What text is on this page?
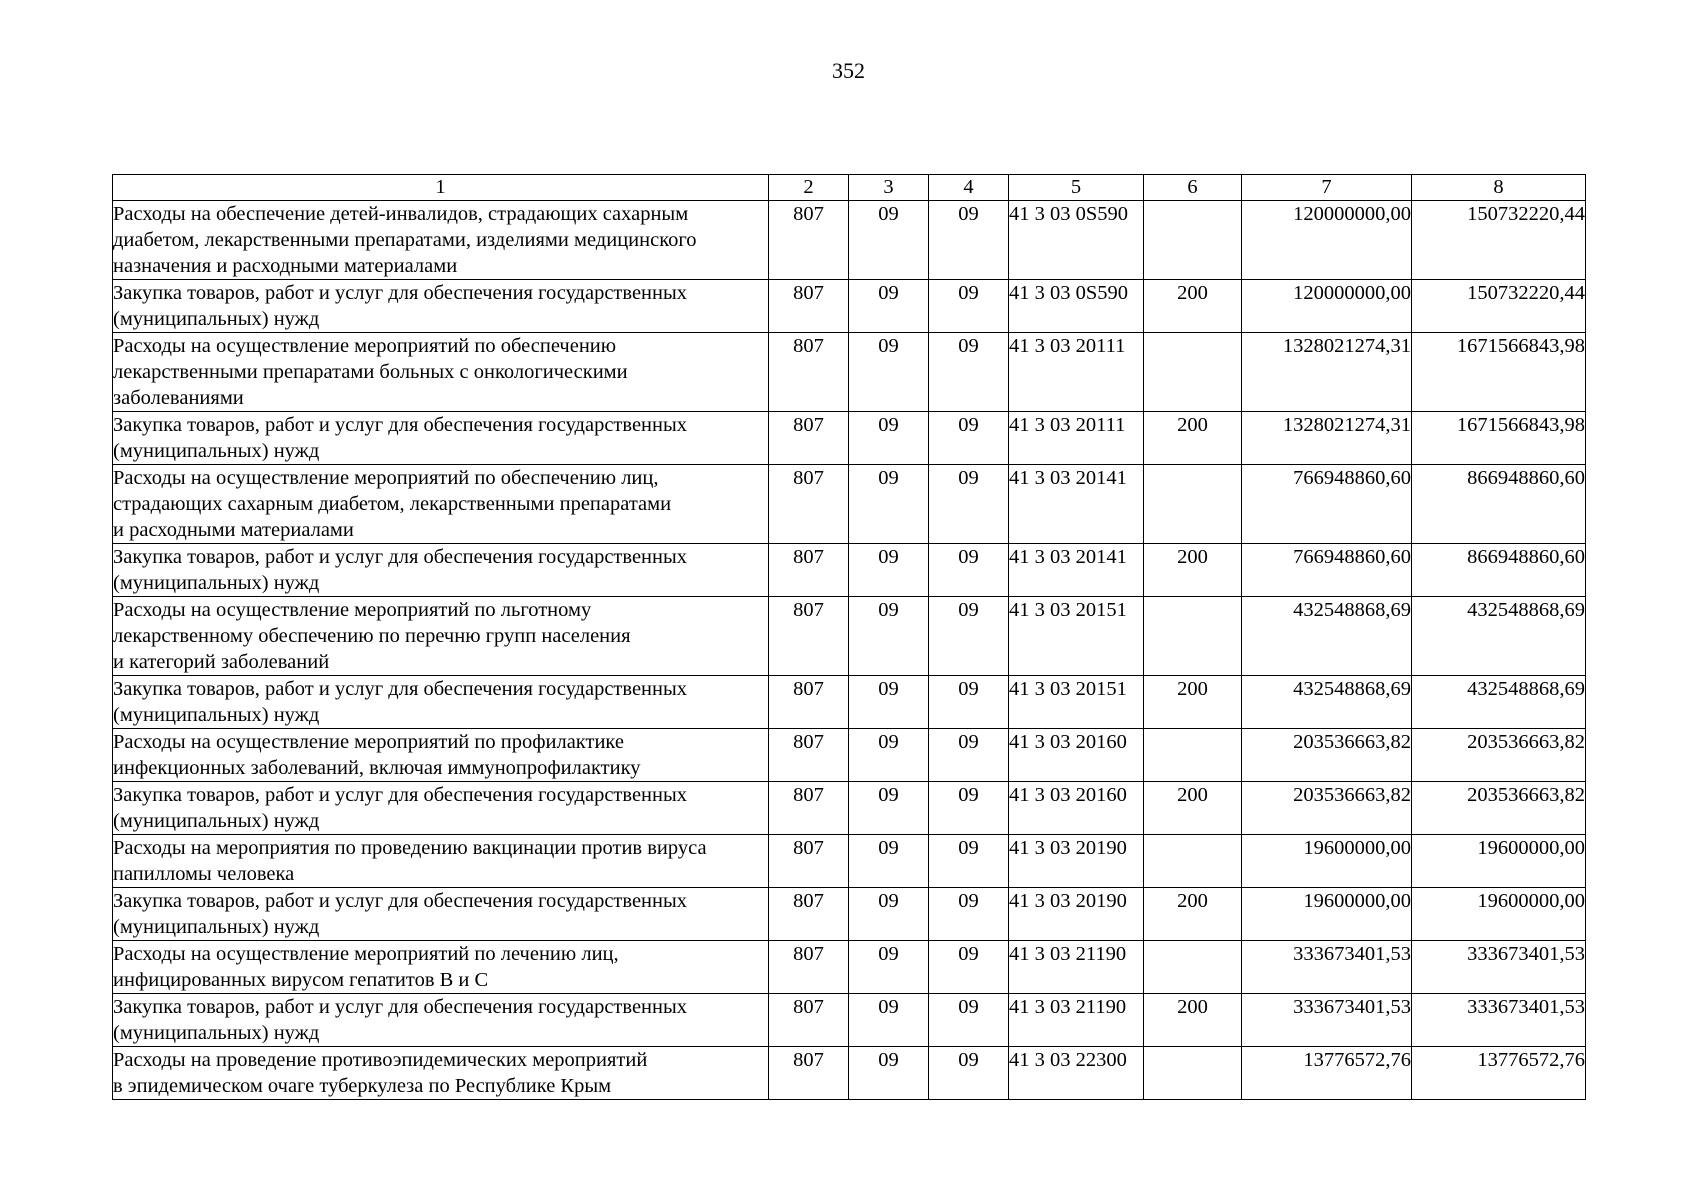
352
1	2	3	4	5	6	7	8
Расходы на обеспечение детей-инвалидов, страдающих сахарным
диабетом, лекарственными препаратами, изделиями медицинского
назначения и расходными материалами	807	09	09	41 3 03 0S590		120000000,00	150732220,44
Закупка товаров, работ и услуг для обеспечения государственных
(муниципальных) нужд	807	09	09	41 3 03 0S590	200	120000000,00	150732220,44
Расходы на осуществление мероприятий по обеспечению
лекарственными препаратами больных с онкологическими
заболеваниями	807	09	09	41 3 03 20111		1328021274,31	1671566843,98
Закупка товаров, работ и услуг для обеспечения государственных
(муниципальных) нужд	807	09	09	41 3 03 20111	200	1328021274,31	1671566843,98
Расходы на осуществление мероприятий по обеспечению лиц,
страдающих сахарным диабетом, лекарственными препаратами
и расходными материалами	807	09	09	41 3 03 20141		766948860,60	866948860,60
Закупка товаров, работ и услуг для обеспечения государственных
(муниципальных) нужд	807	09	09	41 3 03 20141	200	766948860,60	866948860,60
Расходы на осуществление мероприятий по льготному
лекарственному обеспечению по перечню групп населения
и категорий заболеваний	807	09	09	41 3 03 20151		432548868,69	432548868,69
Закупка товаров, работ и услуг для обеспечения государственных
(муниципальных) нужд	807	09	09	41 3 03 20151	200	432548868,69	432548868,69
Расходы на осуществление мероприятий по профилактике
инфекционных заболеваний, включая иммунопрофилактику	807	09	09	41 3 03 20160		203536663,82	203536663,82
Закупка товаров, работ и услуг для обеспечения государственных
(муниципальных) нужд	807	09	09	41 3 03 20160	200	203536663,82	203536663,82
Расходы на мероприятия по проведению вакцинации против вируса
папилломы человека	807	09	09	41 3 03 20190		19600000,00	19600000,00
Закупка товаров, работ и услуг для обеспечения государственных
(муниципальных) нужд	807	09	09	41 3 03 20190	200	19600000,00	19600000,00
Расходы на осуществление мероприятий по лечению лиц,
инфицированных вирусом гепатитов B и C	807	09	09	41 3 03 21190		333673401,53	333673401,53
Закупка товаров, работ и услуг для обеспечения государственных
(муниципальных) нужд	807	09	09	41 3 03 21190	200	333673401,53	333673401,53
Расходы на проведение противоэпидемических мероприятий
в эпидемическом очаге туберкулеза по Республике Крым	807	09	09	41 3 03 22300		13776572,76	13776572,76
